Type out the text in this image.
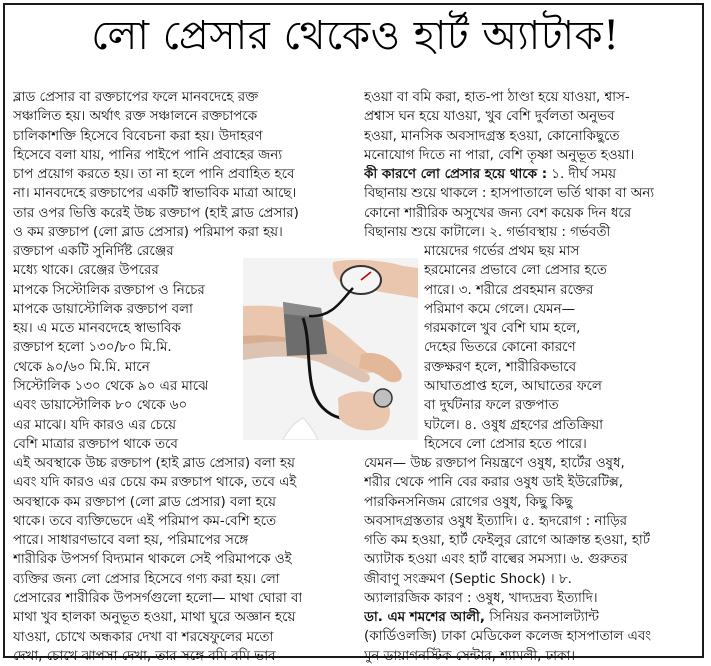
লো প্রেসার থেকেও হার্ট অ্যাটাক!
ব্লাড প্রেসার বা রক্তচাপের ফলে মানবদেহে রক্ত
সঞ্চালিত হয়। অর্থাৎ রক্ত সঞ্চালনে রক্তচাপকে
চালিকাশক্তি হিসেবে বিবেচনা করা হয়। উদাহরণ
হিসেবে বলা যায়, পানির পাইপে পানি প্রবাহের জন্য
চাপ প্রয়োগ করতে হয়। তা না হলে পানি প্রবাহিত হবে
না। মানবদেহে রক্তচাপের একটি স্বাভাবিক মাত্রা আছে।
তার ওপর ভিত্তি করেই উচ্চ রক্তচাপ (হাই ব্লাড প্রেসার)
ও কম রক্তচাপ (লো ব্লাড প্রেসার) পরিমাপ করা হয়।
রক্তচাপ একটি সুনির্দিষ্ট রেঞ্জের
মধ্যে থাকে। রেঞ্জের উপরের
মাপকে সিস্টোলিক রক্তচাপ ও নিচের
মাপকে ডায়াস্টোলিক রক্তচাপ বলা
হয়। এ মতে মানবদেহে স্বাভাবিক
রক্তচাপ হলো ১৩০/৮০ মি.মি.
থেকে ৯০/৬০ মি.মি. মানে
সিস্টোলিক ১৩০ থেকে ৯০ এর মাঝে
এবং ডায়াস্টোলিক ৮০ থেকে ৬০
এর মাঝে। যদি কারও এর চেয়ে
বেশি মাত্রার রক্তচাপ থাকে তবে
এই অবস্থাকে উচ্চ রক্তচাপ (হাই ব্লাড প্রেসার) বলা হয়
এবং যদি কারও এর চেয়ে কম রক্তচাপ থাকে, তবে এই
অবস্থাকে কম রক্তচাপ (লো ব্লাড প্রেসার) বলা হয়ে
থাকে। তবে ব্যক্তিভেদে এই পরিমাপ কম-বেশি হতে
পারে। সাধারণভাবে বলা হয়, পরিমাপের সঙ্গে
শারীরিক উপসর্গ বিদ্যমান থাকলে সেই পরিমাপকে ওই
ব্যক্তির জন্য লো প্রেসার হিসেবে গণ্য করা হয়। লো
প্রেসারের শারীরিক উপসর্গগুলো হলো— মাথা ঘোরা বা
মাথা খুব হালকা অনুভূত হওয়া, মাথা ঘুরে অজ্ঞান হয়ে
যাওয়া, চোখে অন্ধকার দেখা বা শরষেফুলের মতো
দেখা, চোখে ঝাপসা দেখা, তার সঙ্গে বমি বমি ভাব
হওয়া বা বমি করা, হাত-পা ঠাণ্ডা হয়ে যাওয়া, শ্বাস-
প্রশ্বাস ঘন হয়ে যাওয়া, খুব বেশি দুর্বলতা অনুভব
হওয়া, মানসিক অবসাদগ্রস্ত হওয়া, কোনোকিছুতে
মনোযোগ দিতে না পারা, বেশি তৃষ্ণা অনুভূত হওয়া।
কী কারণে লো প্রেসার হয়ে থাকে : ১. দীর্ঘ সময়
বিছানায় শুয়ে থাকলে : হাসপাতালে ভর্তি থাকা বা অন্য
কোনো শারীরিক অসুখের জন্য বেশ কয়েক দিন ধরে
বিছানায় শুয়ে কাটালে। ২. গর্ভাবস্থায় : গর্ভবতী
মায়েদের গর্ভের প্রথম ছয় মাস
হরমোনের প্রভাবে লো প্রেসার হতে
পারে। ৩. শরীরে প্রবহমান রক্তের
পরিমাণ কমে গেলে। যেমন—
গরমকালে খুব বেশি ঘাম হলে,
দেহের ভিতরে কোনো কারণে
রক্তক্ষরণ হলে, শারীরিকভাবে
আঘাতপ্রাপ্ত হলে, আঘাতের ফলে
বা দুর্ঘটনার ফলে রক্তপাত
ঘটলে। ৪. ওষুধ গ্রহণের প্রতিক্রিয়া
হিসেবে লো প্রেসার হতে পারে।
যেমন— উচ্চ রক্তচাপ নিয়ন্ত্রণে ওষুধ, হার্টের ওষুধ,
শরীর থেকে পানি বের করার ওষুধ ডাই ইউরেটিক্স,
পারকিনসনিজম রোগের ওষুধ, কিছু কিছু
অবসাদগ্রস্ততার ওষুধ ইত্যাদি। ৫. হৃদরোগ : নাড়ির
গতি কম হওয়া, হার্ট ফেইলুর রোগে আক্রান্ত হওয়া, হার্ট
অ্যাটাক হওয়া এবং হার্ট বাল্বের সমস্যা। ৬. গুরুতর
জীবাণু সংক্রমণ (Septic Shock) । ৮.
অ্যালারজিক কারণ : ওষুধ, খাদ্যদ্রব্য ইত্যাদি।
ডা. এম শমশের আলী, সিনিয়র কনসালট্যান্ট
(কার্ডিওলজি) ঢাকা মেডিকেল কলেজ হাসপাতাল এবং
মুন ডায়াগনস্টিক সেন্টার, শ্যামলী, ঢাকা।
